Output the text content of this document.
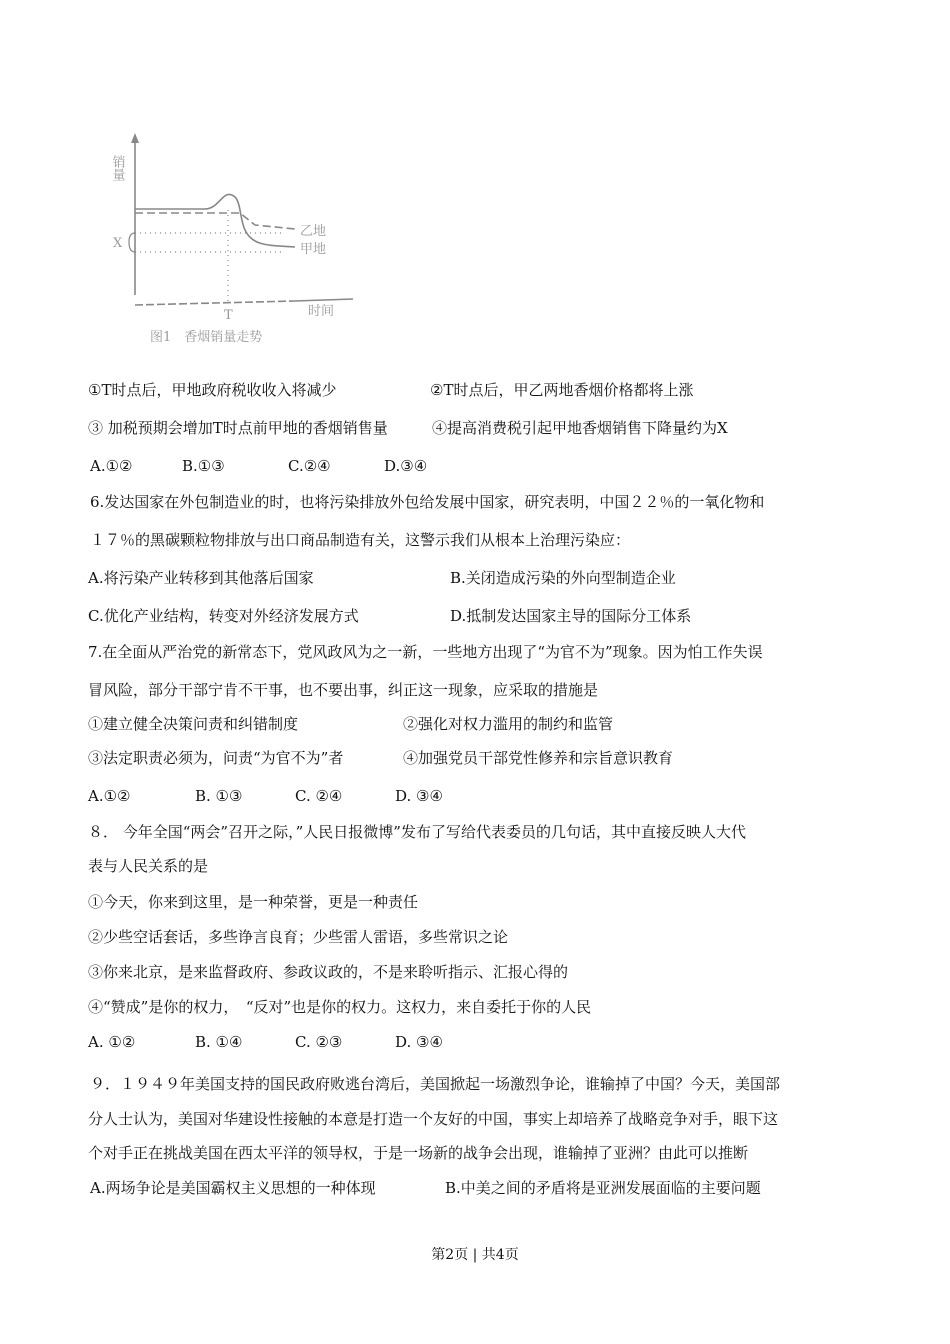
销量
X
乙地
甲地
T	时间
图1　香烟销量走势
①T时点后，甲地政府税收收入将减少	②T时点后，甲乙两地香烟价格都将上涨
③ 加税预期会增加T时点前甲地的香烟销售量	④提高消费税引起甲地香烟销售下降量约为X
A.①②	B.①③	C.②④	D.③④
6.发达国家在外包制造业的时，也将污染排放外包给发展中国家，研究表明，中国２２％的一氧化物和
１７％的黑碳颗粒物排放与出口商品制造有关，这警示我们从根本上治理污染应：
A.将污染产业转移到其他落后国家	B.关闭造成污染的外向型制造企业
C.优化产业结构，转变对外经济发展方式	D.抵制发达国家主导的国际分工体系
7.在全面从严治党的新常态下，党风政风为之一新，一些地方出现了“为官不为”现象。因为怕工作失误
冒风险，部分干部宁肯不干事，也不要出事，纠正这一现象，应采取的措施是
①建立健全决策问责和纠错制度	②强化对权力滥用的制约和监管
③法定职责必须为，问责“为官不为”者	④加强党员干部党性修养和宗旨意识教育
A.①②	B. ①③	C. ②④	D. ③④
８． 今年全国“两会”召开之际，”人民日报微博”发布了写给代表委员的几句话，其中直接反映人大代
表与人民关系的是
①今天，你来到这里，是一种荣誉，更是一种责任
②少些空话套话，多些诤言良育；少些雷人雷语，多些常识之论
③你来北京，是来监督政府、参政议政的，不是来聆听指示、汇报心得的
④“赞成”是你的权力，　“反对”也是你的权力。这权力，来自委托于你的人民
A. ①②	B. ①④	C. ②③	D. ③④
９．１９４９年美国支持的国民政府败逃台湾后，美国掀起一场激烈争论，谁输掉了中国？今天，美国部
分人士认为，美国对华建设性接触的本意是打造一个友好的中国，事实上却培养了战略竞争对手，眼下这
个对手正在挑战美国在西太平洋的领导权，于是一场新的战争会出现，谁输掉了亚洲？由此可以推断
A.两场争论是美国霸权主义思想的一种体现	B.中美之间的矛盾将是亚洲发展面临的主要问题
第2页 | 共4页
